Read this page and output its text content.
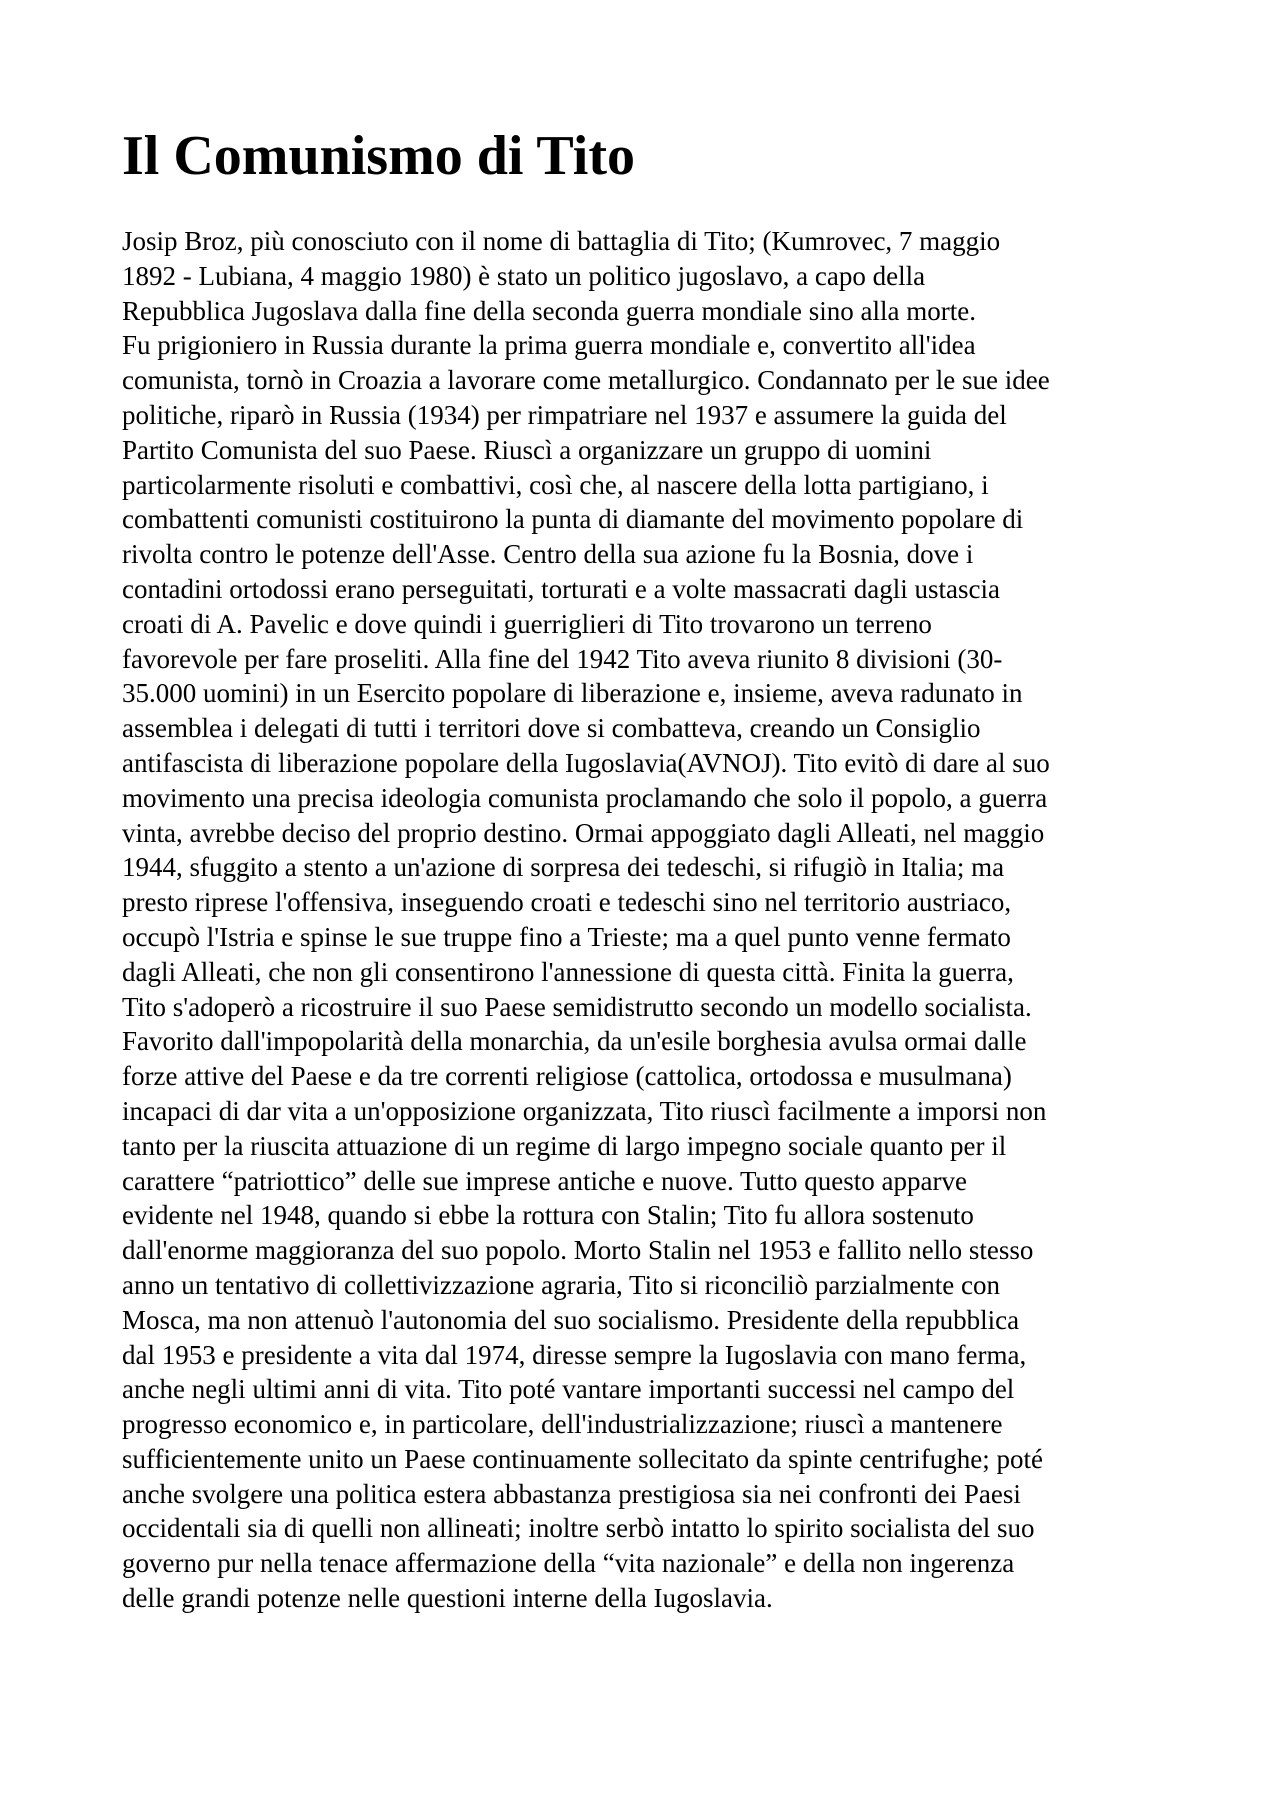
Il Comunismo di Tito
Josip Broz, più conosciuto con il nome di battaglia di Tito; (Kumrovec, 7 maggio
1892 - Lubiana, 4 maggio 1980) è stato un politico jugoslavo, a capo della
Repubblica Jugoslava dalla fine della seconda guerra mondiale sino alla morte.
Fu prigioniero in Russia durante la prima guerra mondiale e, convertito all'idea
comunista, tornò in Croazia a lavorare come metallurgico. Condannato per le sue idee
politiche, riparò in Russia (1934) per rimpatriare nel 1937 e assumere la guida del
Partito Comunista del suo Paese. Riuscì a organizzare un gruppo di uomini
particolarmente risoluti e combattivi, così che, al nascere della lotta partigiano, i
combattenti comunisti costituirono la punta di diamante del movimento popolare di
rivolta contro le potenze dell'Asse. Centro della sua azione fu la Bosnia, dove i
contadini ortodossi erano perseguitati, torturati e a volte massacrati dagli ustascia
croati di A. Pavelic e dove quindi i guerriglieri di Tito trovarono un terreno
favorevole per fare proseliti. Alla fine del 1942 Tito aveva riunito 8 divisioni (30-
35.000 uomini) in un Esercito popolare di liberazione e, insieme, aveva radunato in
assemblea i delegati di tutti i territori dove si combatteva, creando un Consiglio
antifascista di liberazione popolare della Iugoslavia(AVNOJ). Tito evitò di dare al suo
movimento una precisa ideologia comunista proclamando che solo il popolo, a guerra
vinta, avrebbe deciso del proprio destino. Ormai appoggiato dagli Alleati, nel maggio
1944, sfuggito a stento a un'azione di sorpresa dei tedeschi, si rifugiò in Italia; ma
presto riprese l'offensiva, inseguendo croati e tedeschi sino nel territorio austriaco,
occupò l'Istria e spinse le sue truppe fino a Trieste; ma a quel punto venne fermato
dagli Alleati, che non gli consentirono l'annessione di questa città. Finita la guerra,
Tito s'adoperò a ricostruire il suo Paese semidistrutto secondo un modello socialista.
Favorito dall'impopolarità della monarchia, da un'esile borghesia avulsa ormai dalle
forze attive del Paese e da tre correnti religiose (cattolica, ortodossa e musulmana)
incapaci di dar vita a un'opposizione organizzata, Tito riuscì facilmente a imporsi non
tanto per la riuscita attuazione di un regime di largo impegno sociale quanto per il
carattere “patriottico” delle sue imprese antiche e nuove. Tutto questo apparve
evidente nel 1948, quando si ebbe la rottura con Stalin; Tito fu allora sostenuto
dall'enorme maggioranza del suo popolo. Morto Stalin nel 1953 e fallito nello stesso
anno un tentativo di collettivizzazione agraria, Tito si riconciliò parzialmente con
Mosca, ma non attenuò l'autonomia del suo socialismo. Presidente della repubblica
dal 1953 e presidente a vita dal 1974, diresse sempre la Iugoslavia con mano ferma,
anche negli ultimi anni di vita. Tito poté vantare importanti successi nel campo del
progresso economico e, in particolare, dell'industrializzazione; riuscì a mantenere
sufficientemente unito un Paese continuamente sollecitato da spinte centrifughe; poté
anche svolgere una politica estera abbastanza prestigiosa sia nei confronti dei Paesi
occidentali sia di quelli non allineati; inoltre serbò intatto lo spirito socialista del suo
governo pur nella tenace affermazione della “vita nazionale” e della non ingerenza
delle grandi potenze nelle questioni interne della Iugoslavia.
